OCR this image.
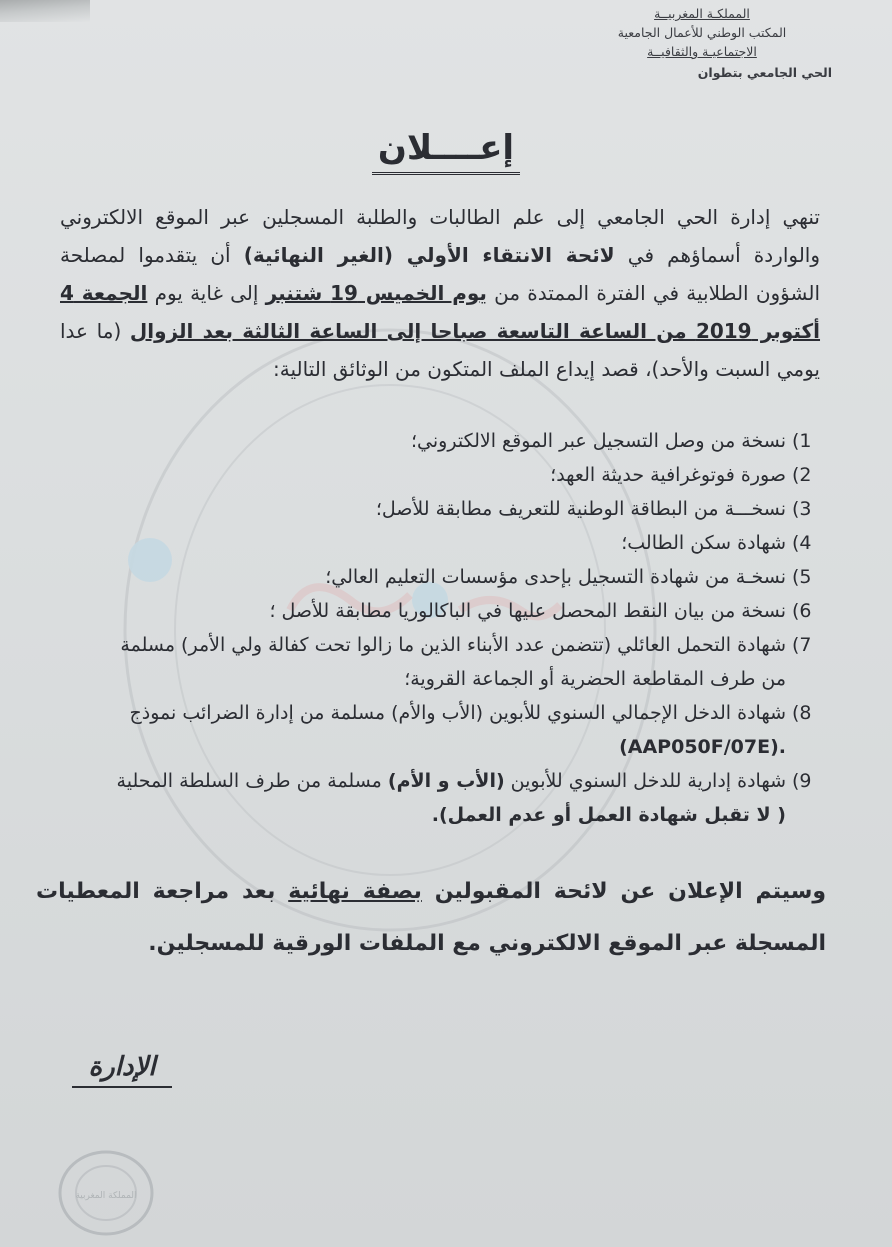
المملكـة المغربيــة
المكتب الوطني للأعمال الجامعية
الاجتماعيـة والثقافيــة
الحي الجامعي بتطوان
إعــــلان
تنهي إدارة الحي الجامعي إلى علم الطالبات والطلبة المسجلين عبر الموقع الالكتروني والواردة أسماؤهم في لائحة الانتقاء الأولي (الغير النهائية) أن يتقدموا لمصلحة الشؤون الطلابية في الفترة الممتدة من يوم الخميس 19 شتنبر إلى غاية يوم الجمعة 4 أكتوبر 2019 من الساعة التاسعة صباحا إلى الساعة الثالثة بعد الزوال (ما عدا يومي السبت والأحد)، قصد إيداع الملف المتكون من الوثائق التالية:
1)
نسخة من وصل التسجيل عبر الموقع الالكتروني؛
2)
صورة فوتوغرافية حديثة العهد؛
3)
نسخـــة من البطاقة الوطنية للتعريف مطابقة للأصل؛
4)
شهادة سكن الطالب؛
5)
نسخـة من شهادة التسجيل بإحدى مؤسسات التعليم العالي؛
6)
نسخة من بيان النقط المحصل عليها في الباكالوريا مطابقة للأصل ؛
7)
شهادة التحمل العائلي (تتضمن عدد الأبناء الذين ما زالوا تحت كفالة ولي الأمر) مسلمة من طرف المقاطعة الحضرية أو الجماعة القروية؛
8)
شهادة الدخل الإجمالي السنوي للأبوين (الأب والأم) مسلمة من إدارة الضرائب نموذج (AAP050F/07E).
9)
شهادة إدارية للدخل السنوي للأبوين (الأب و الأم) مسلمة من طرف السلطة المحلية ( لا تقبل شهادة العمل أو عدم العمل).
وسيتم الإعلان عن لائحة المقبولين بصفة نهائية بعد مراجعة المعطيات المسجلة عبر الموقع الالكتروني مع الملفات الورقية للمسجلين.
الإدارة
المملكة المغربية
